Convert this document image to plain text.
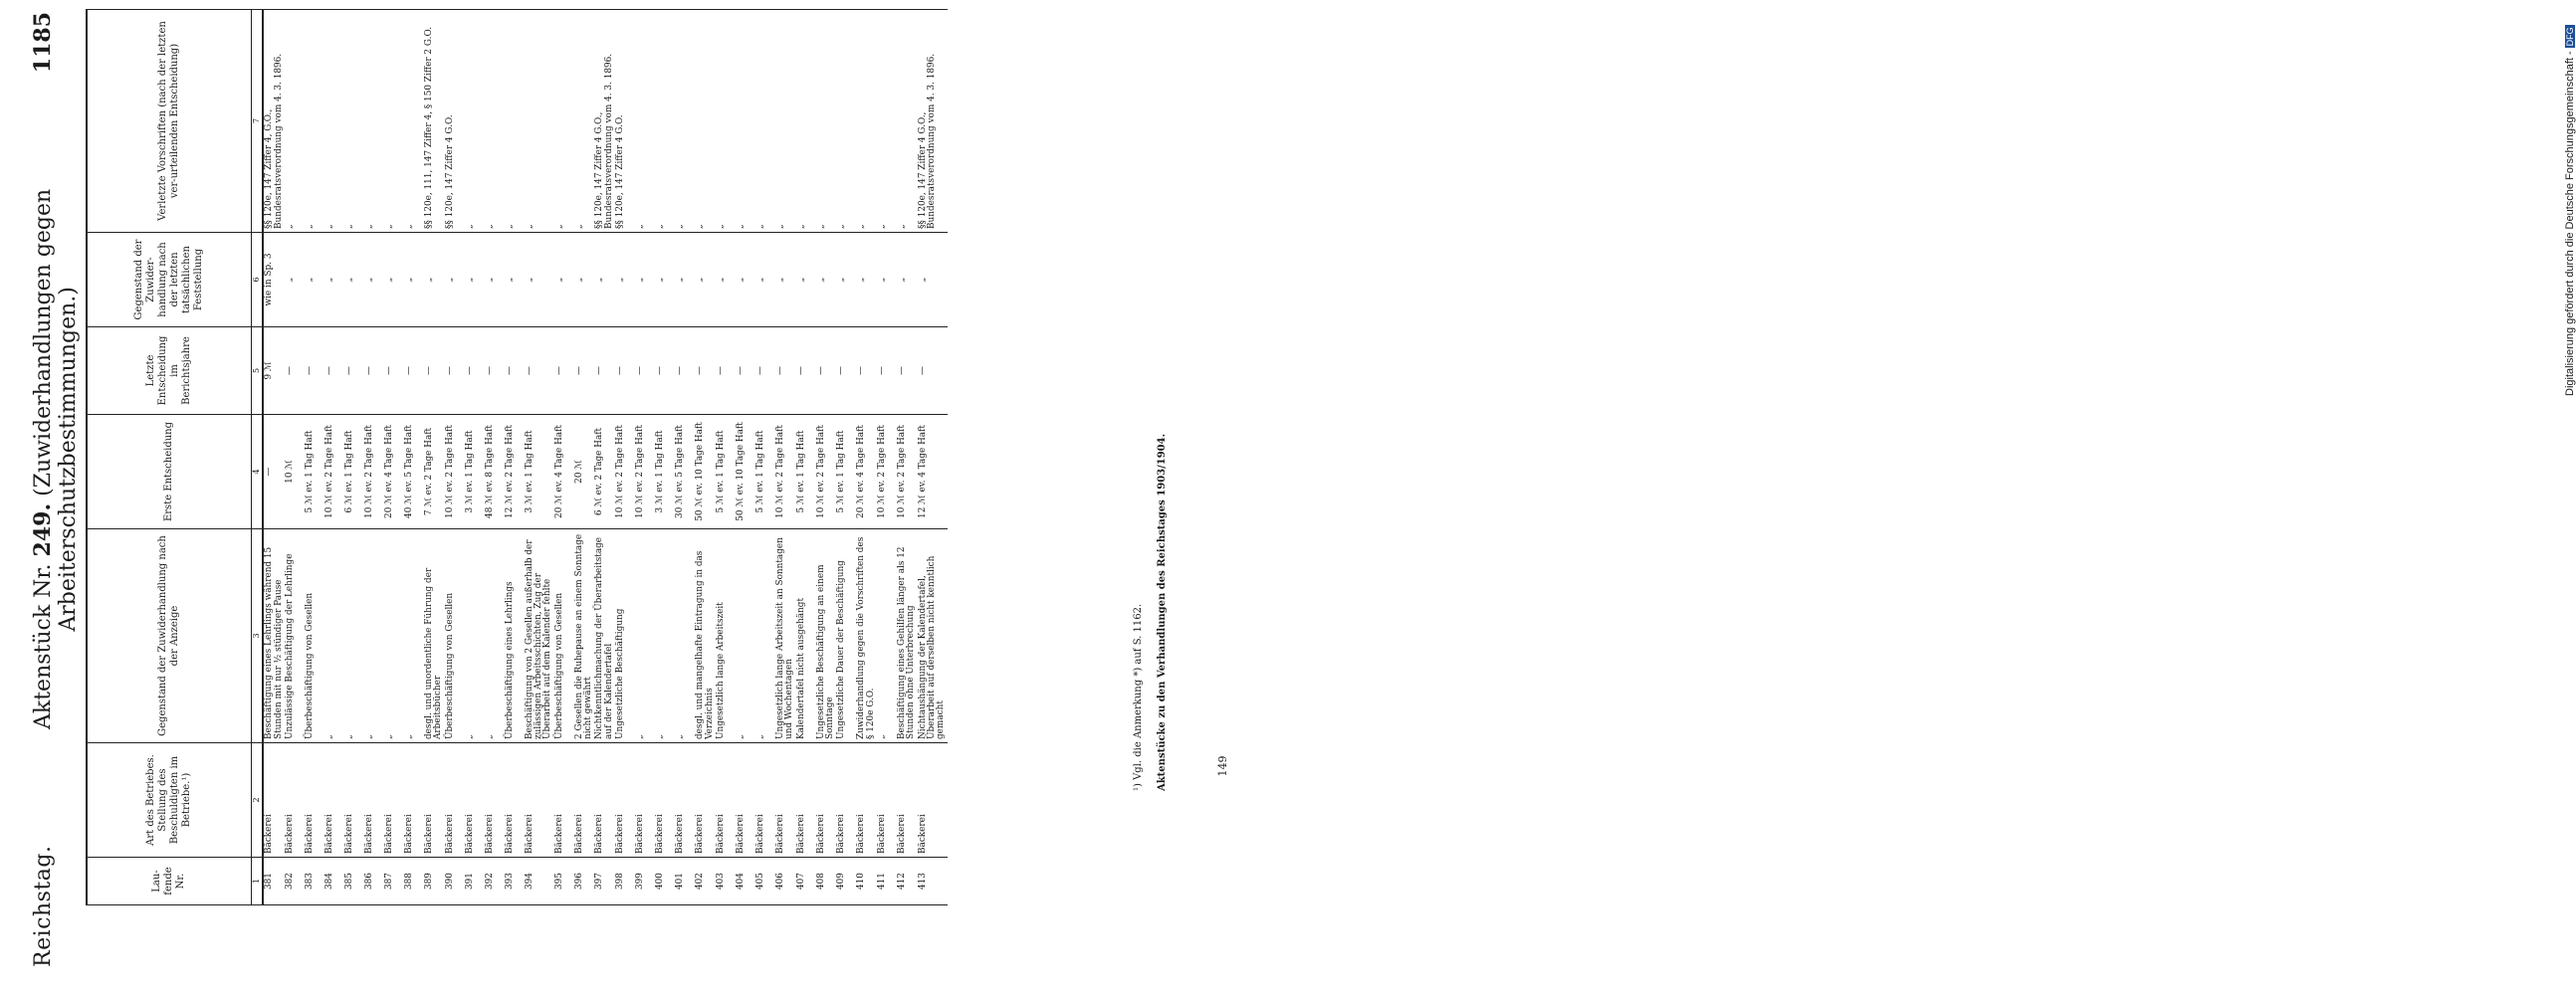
Reichstag.
Aktenstück Nr. 249. (Zuwiderhandlungen gegen Arbeiterschutzbestimmungen.)
1185
Lau-fende Nr.	Art des Betriebes. Stellung des Beschuldigten im Betriebe.¹)	Gegenstand der Zuwiderhandlung nach der Anzeige	Erste Entscheidung	Letzte Entscheidung im Berichtsjahre	Gegenstand der Zuwider-handlung nach der letzten tatsächlichen Feststellung	Verletzte Vorschriften (nach der letzten ver-urteilenden Entscheidung)
1	2	3	4	5	6	7
381	Bäckerei	Beschäftigung eines Lehrlings während 15 Stunden mit nur ½ stündiger Pause	—	9 ℳ	wie in Sp. 3	§§ 120e, 147 Ziffer 4, G.O., Bundesratsverordnung vom 4. 3. 1896.
382	Bäckerei	Unzulässige Beschäftigung der Lehrlinge	10 ℳ	—	„	„
383	Bäckerei	Überbeschäftigung von Gesellen	5 ℳ ev. 1 Tag Haft	—	„	„
384	Bäckerei	„	10 ℳ ev. 2 Tage Haft	—	„	„
385	Bäckerei	„	6 ℳ ev. 1 Tag Haft	—	„	„
386	Bäckerei	„	10 ℳ ev. 2 Tage Haft	—	„	„
387	Bäckerei	„	20 ℳ ev. 4 Tage Haft	—	„	„
388	Bäckerei	„	40 ℳ ev. 5 Tage Haft	—	„	„
389	Bäckerei	desgl. und unordentliche Führung der Arbeitsbücher	7 ℳ ev. 2 Tage Haft	—	„	§§ 120e, 111, 147 Ziffer 4, § 150 Ziffer 2 G.O.
390	Bäckerei	Überbeschäftigung von Gesellen	10 ℳ ev. 2 Tage Haft	—	„	§§ 120e, 147 Ziffer 4 G.O.
391	Bäckerei	„	3 ℳ ev. 1 Tag Haft	—	„	„
392	Bäckerei	„	48 ℳ ev. 8 Tage Haft	—	„	„
393	Bäckerei	Überbeschäftigung eines Lehrlings	12 ℳ ev. 2 Tage Haft	—	„	„
394	Bäckerei	Beschäftigung von 2 Gesellen außerhalb der zulässigen Arbeitsschichten, Zug der Überarbeit auf dem Kalender fehlte	3 ℳ ev. 1 Tag Haft	—	„	„
395	Bäckerei	Überbeschäftigung von Gesellen	20 ℳ ev. 4 Tage Haft	—	„	„
396	Bäckerei	2 Gesellen die Ruhepause an einem Sonntage nicht gewährt	20 ℳ	—	„	„
397	Bäckerei	Nichtkenntlichmachung der Überarbeitstage auf der Kalendertafel	6 ℳ ev. 2 Tage Haft	—	„	§§ 120e, 147 Ziffer 4 G.O., Bundesratsverordnung vom 4. 3. 1896.
398	Bäckerei	Ungesetzliche Beschäftigung	10 ℳ ev. 2 Tage Haft	—	„	§§ 120e, 147 Ziffer 4 G.O.
399	Bäckerei	„	10 ℳ ev. 2 Tage Haft	—	„	„
400	Bäckerei	„	3 ℳ ev. 1 Tag Haft	—	„	„
401	Bäckerei	„	30 ℳ ev. 5 Tage Haft	—	„	„
402	Bäckerei	desgl. und mangelhafte Eintragung in das Verzeichnis	50 ℳ ev. 10 Tage Haft	—	„	„
403	Bäckerei	Ungesetzlich lange Arbeitszeit	5 ℳ ev. 1 Tag Haft	—	„	„
404	Bäckerei	„	50 ℳ ev. 10 Tage Haft	—	„	„
405	Bäckerei	„	5 ℳ ev. 1 Tag Haft	—	„	„
406	Bäckerei	Ungesetzlich lange Arbeitszeit an Sonntagen und Wochentagen	10 ℳ ev. 2 Tage Haft	—	„	„
407	Bäckerei	Kalendertafel nicht ausgehängt	5 ℳ ev. 1 Tag Haft	—	„	„
408	Bäckerei	Ungesetzliche Beschäftigung an einem Sonntage	10 ℳ ev. 2 Tage Haft	—	„	„
409	Bäckerei	Ungesetzliche Dauer der Beschäftigung	5 ℳ ev. 1 Tag Haft	—	„	„
410	Bäckerei	Zuwiderhandlung gegen die Vorschriften des § 120e G.O.	20 ℳ ev. 4 Tage Haft	—	„	„
411	Bäckerei	„	10 ℳ ev. 2 Tage Haft	—	„	„
412	Bäckerei	Beschäftigung eines Gehilfen länger als 12 Stunden ohne Unterbrechung	10 ℳ ev. 2 Tage Haft	—	„	„
413	Bäckerei	Nichtaushängung der Kalendertafel, Überarbeit auf derselben nicht kenntlich gemacht	12 ℳ ev. 4 Tage Haft	—	„	§§ 120e, 147 Ziffer 4 G.O., Bundesratsverordnung vom 4. 3. 1896.
¹) Vgl. die Anmerkung *) auf S. 1162. Aktenstücke zu den Verhandlungen des Reichstages 1903/1904.	149
Digitalisierung gefördert durch die Deutsche Forschungsgemeinschaft -DFG
